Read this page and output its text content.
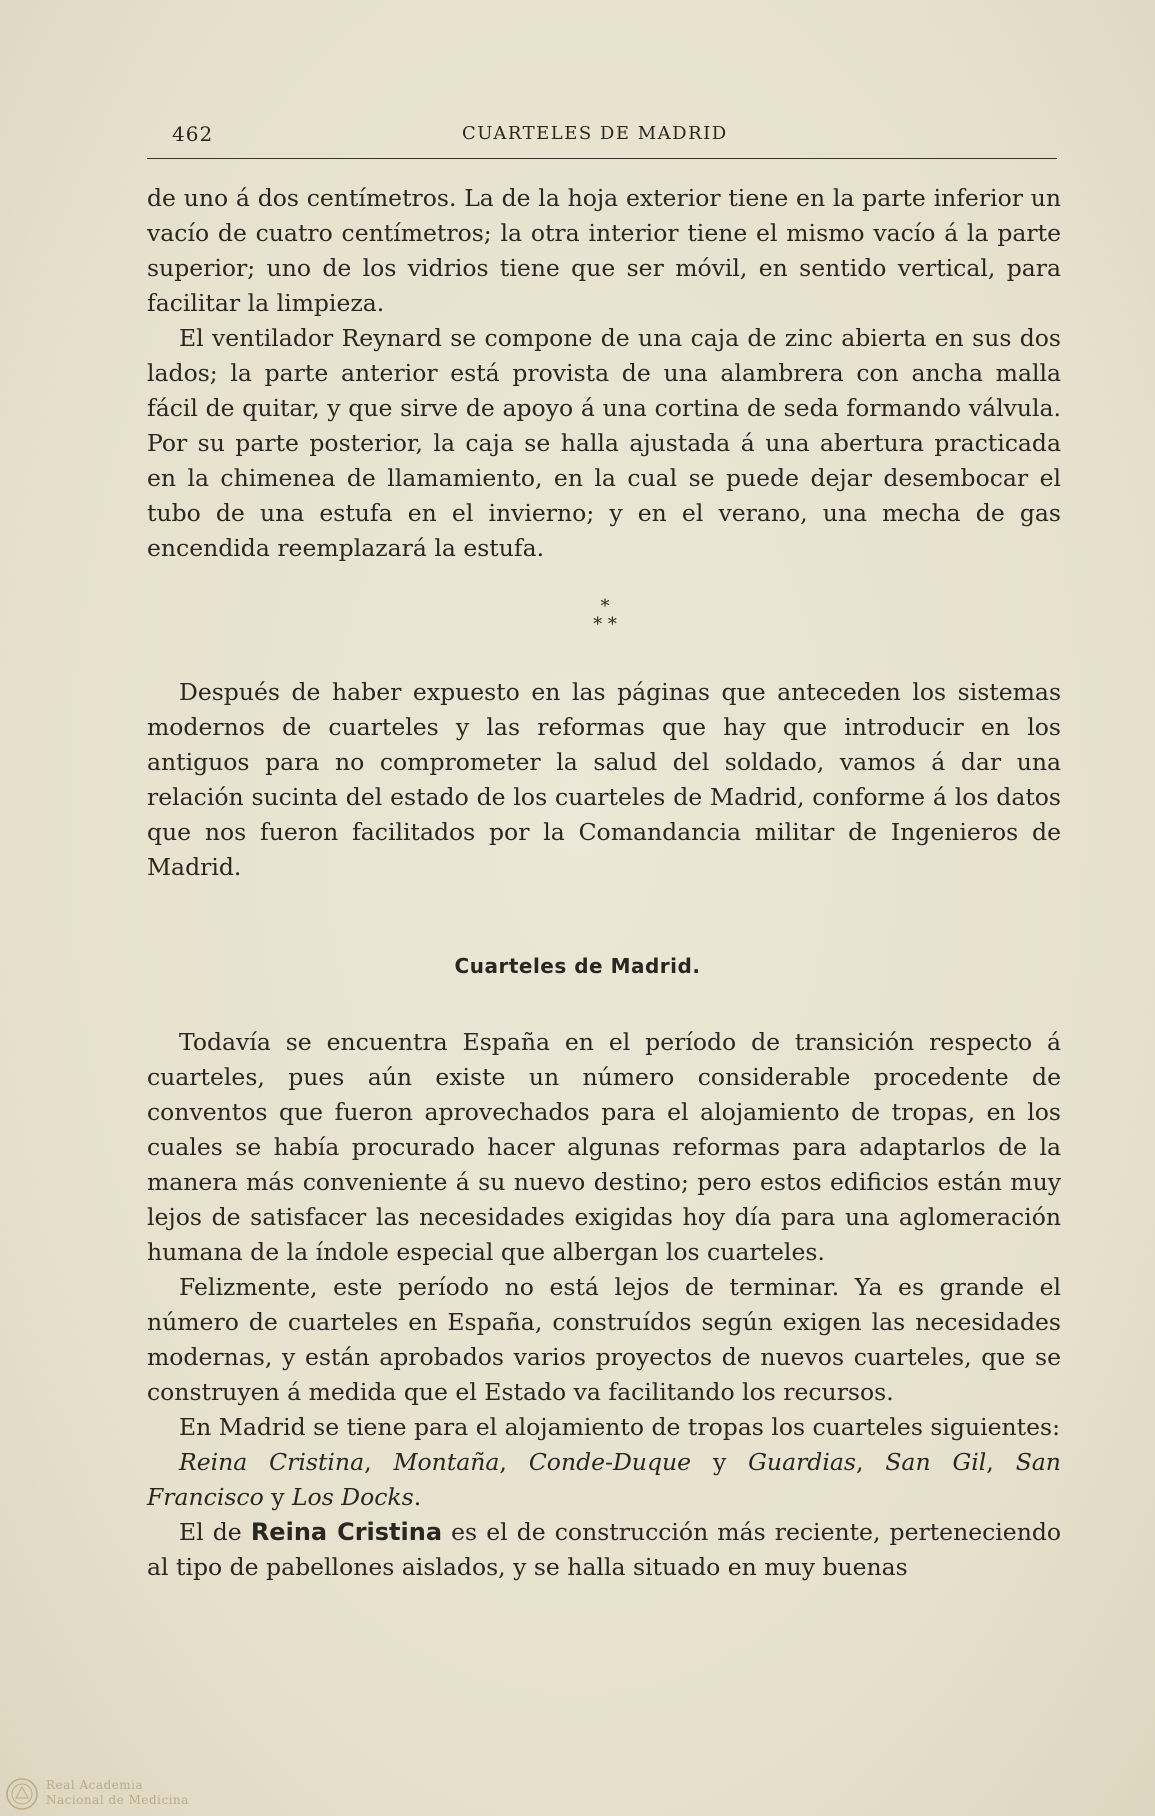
462	CUARTELES DE MADRID

de uno á dos centímetros. La de la hoja exterior tiene en la parte inferior un vacío de cuatro centímetros; la otra interior tiene el mismo vacío á la parte superior; uno de los vidrios tiene que ser móvil, en sentido vertical, para facilitar la limpieza.

El ventilador Reynard se compone de una caja de zinc abierta en sus dos lados; la parte anterior está provista de una alambrera con ancha malla fácil de quitar, y que sirve de apoyo á una cortina de seda formando válvula. Por su parte posterior, la caja se halla ajustada á una abertura practicada en la chimenea de llamamiento, en la cual se puede dejar desembocar el tubo de una estufa en el invierno; y en el verano, una mecha de gas encendida reemplazará la estufa.

*
* *

Después de haber expuesto en las páginas que anteceden los sistemas modernos de cuarteles y las reformas que hay que introducir en los antiguos para no comprometer la salud del soldado, vamos á dar una relación sucinta del estado de los cuarteles de Madrid, conforme á los datos que nos fueron facilitados por la Comandancia militar de Ingenieros de Madrid.

Cuarteles de Madrid.

Todavía se encuentra España en el período de transición respecto á cuarteles, pues aún existe un número considerable procedente de conventos que fueron aprovechados para el alojamiento de tropas, en los cuales se había procurado hacer algunas reformas para adaptarlos de la manera más conveniente á su nuevo destino; pero estos edificios están muy lejos de satisfacer las necesidades exigidas hoy día para una aglomeración humana de la índole especial que albergan los cuarteles.

Felizmente, este período no está lejos de terminar. Ya es grande el número de cuarteles en España, construídos según exigen las necesidades modernas, y están aprobados varios proyectos de nuevos cuarteles, que se construyen á medida que el Estado va facilitando los recursos.

En Madrid se tiene para el alojamiento de tropas los cuarteles siguientes:

Reina Cristina, Montaña, Conde-Duque y Guardias, San Gil, San Francisco y Los Docks.

El de Reina Cristina es el de construcción más reciente, perteneciendo al tipo de pabellones aislados, y se halla situado en muy buenas

Real Academia
Nacional de Medicina
